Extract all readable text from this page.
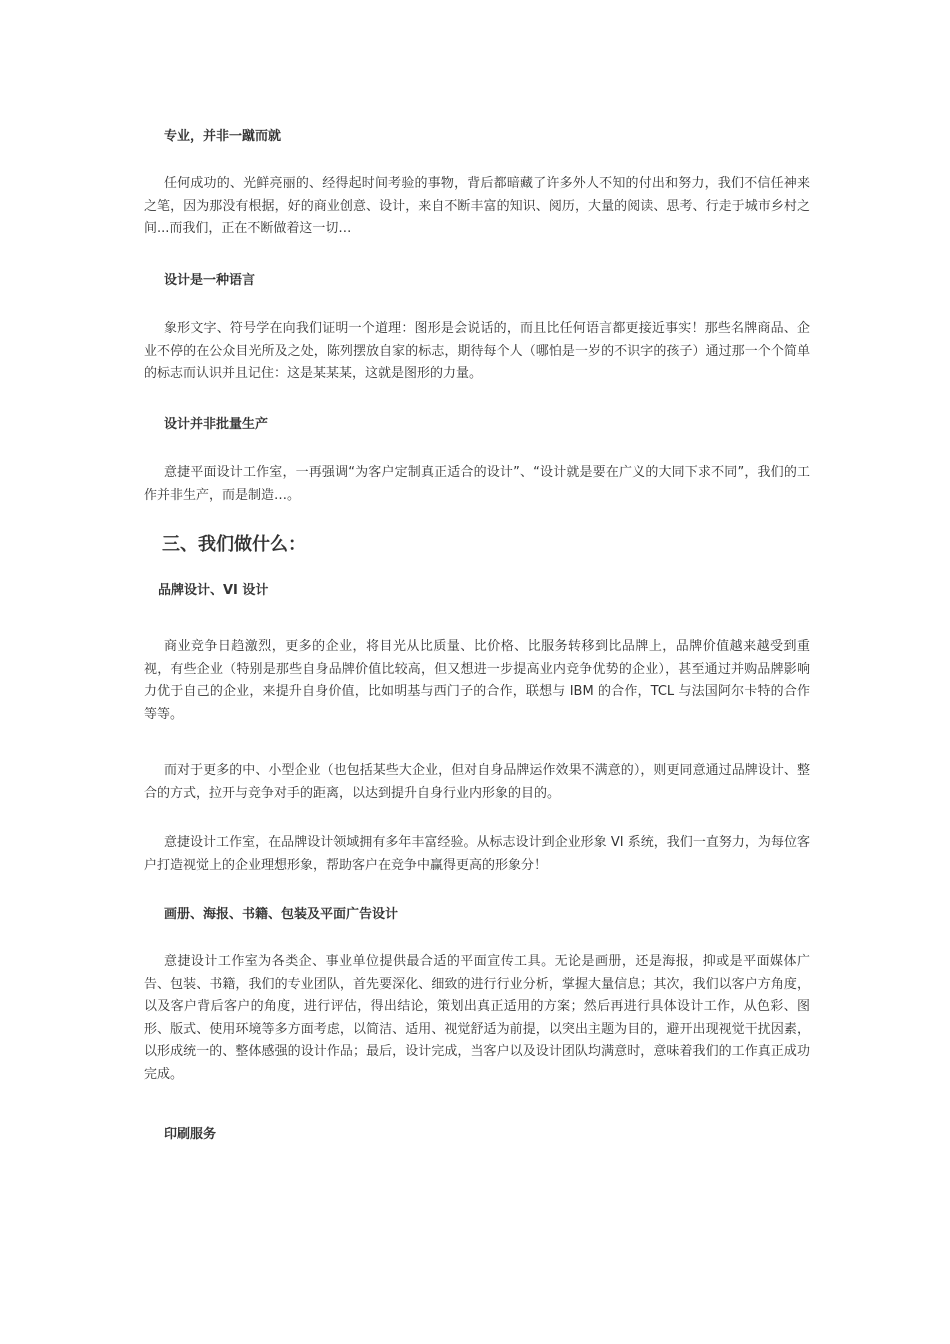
专业，并非一蹴而就

任何成功的、光鲜亮丽的、经得起时间考验的事物，背后都暗藏了许多外人不知的付出和努力，我们不信任神来之笔，因为那没有根据，好的商业创意、设计，来自不断丰富的知识、阅历，大量的阅读、思考、行走于城市乡村之间...而我们，正在不断做着这一切…

设计是一种语言

象形文字、符号学在向我们证明一个道理：图形是会说话的，而且比任何语言都更接近事实！那些名牌商品、企业不停的在公众目光所及之处，陈列摆放自家的标志，期待每个人（哪怕是一岁的不识字的孩子）通过那一个个简单的标志而认识并且记住：这是某某某，这就是图形的力量。

设计并非批量生产

意捷平面设计工作室，一再强调“为客户定制真正适合的设计”、“设计就是要在广义的大同下求不同”，我们的工作并非生产，而是制造…。

三、我们做什么：

品牌设计、VI 设计

商业竞争日趋激烈，更多的企业，将目光从比质量、比价格、比服务转移到比品牌上，品牌价值越来越受到重视，有些企业（特别是那些自身品牌价值比较高，但又想进一步提高业内竞争优势的企业），甚至通过并购品牌影响力优于自己的企业，来提升自身价值，比如明基与西门子的合作，联想与 IBM 的合作，TCL 与法国阿尔卡特的合作等等。

而对于更多的中、小型企业（也包括某些大企业，但对自身品牌运作效果不满意的），则更同意通过品牌设计、整合的方式，拉开与竞争对手的距离，以达到提升自身行业内形象的目的。

意捷设计工作室，在品牌设计领域拥有多年丰富经验。从标志设计到企业形象 VI 系统，我们一直努力，为每位客户打造视觉上的企业理想形象，帮助客户在竞争中赢得更高的形象分！

画册、海报、书籍、包装及平面广告设计

意捷设计工作室为各类企、事业单位提供最合适的平面宣传工具。无论是画册，还是海报，抑或是平面媒体广告、包装、书籍，我们的专业团队，首先要深化、细致的进行行业分析，掌握大量信息；其次，我们以客户方角度，以及客户背后客户的角度，进行评估，得出结论，策划出真正适用的方案；然后再进行具体设计工作，从色彩、图形、版式、使用环境等多方面考虑，以简洁、适用、视觉舒适为前提，以突出主题为目的，避开出现视觉干扰因素，以形成统一的、整体感强的设计作品；最后，设计完成，当客户以及设计团队均满意时，意味着我们的工作真正成功完成。

印刷服务
